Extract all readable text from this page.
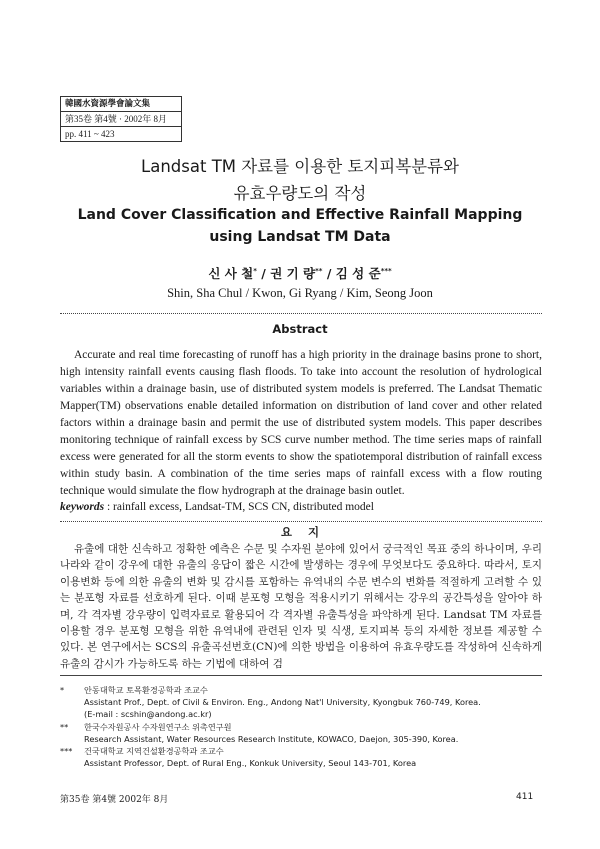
韓國水資源學會論文集
第35卷 第4號 · 2002年 8月
pp. 411 ~ 423
Landsat TM 자료를 이용한 토지피복분류와
유효우량도의 작성
Land Cover Classification and Effective Rainfall Mapping
using Landsat TM Data
신 사 철* / 권 기 량** / 김 성 준***
Shin, Sha Chul / Kwon, Gi Ryang / Kim, Seong Joon
Abstract

Accurate and real time forecasting of runoff has a high priority in the drainage basins prone to short, high intensity rainfall events causing flash floods. To take into account the resolution of hydrological variables within a drainage basin, use of distributed system models is preferred. The Landsat Thematic Mapper(TM) observations enable detailed information on distribution of land cover and other related factors within a drainage basin and permit the use of distributed system models. This paper describes monitoring technique of rainfall excess by SCS curve number method. The time series maps of rainfall excess were generated for all the storm events to show the spatiotemporal distribution of rainfall excess within study basin. A combination of the time series maps of rainfall excess with a flow routing technique would simulate the flow hydrograph at the drainage basin outlet.

keywords : rainfall excess, Landsat-TM, SCS CN, distributed model
요    지

유출에 대한 신속하고 정확한 예측은 수문 및 수자원 분야에 있어서 궁극적인 목표 중의 하나이며, 우리 나라와 같이 강우에 대한 유출의 응답이 짧은 시간에 발생하는 경우에 무엇보다도 중요하다. 따라서, 토지이용변화 등에 의한 유출의 변화 및 감시를 포함하는 유역내의 수문 변수의 변화를 적절하게 고려할 수 있는 분포형 자료를 선호하게 된다. 이때 분포형 모형을 적용시키기 위해서는 강우의 공간특성을 알아야 하며, 각 격자별 강우량이 입력자료로 활용되어 각 격자별 유출특성을 파악하게 된다. Landsat TM 자료를 이용할 경우 분포형 모형을 위한 유역내에 관련된 인자 및 식생, 토지피복 등의 자세한 정보를 제공할 수 있다. 본 연구에서는 SCS의 유출곡선번호(CN)에 의한 방법을 이용하여 유효우량도를 작성하여 신속하게 유출의 감시가 가능하도록 하는 기법에 대하여 검

* 안동대학교 토목환경공학과 조교수
Assistant Prof., Dept. of Civil & Environ. Eng., Andong Nat'l University, Kyongbuk 760-749, Korea.
(E-mail : scshin@andong.ac.kr)
** 한국수자원공사 수자원연구소 위촉연구원
Research Assistant, Water Resources Research Institute, KOWACO, Daejon, 305-390, Korea.
*** 건국대학교 지역건설환경공학과 조교수
Assistant Professor, Dept. of Rural Eng., Konkuk University, Seoul 143-701, Korea
第35卷 第4號 2002年 8月	411
